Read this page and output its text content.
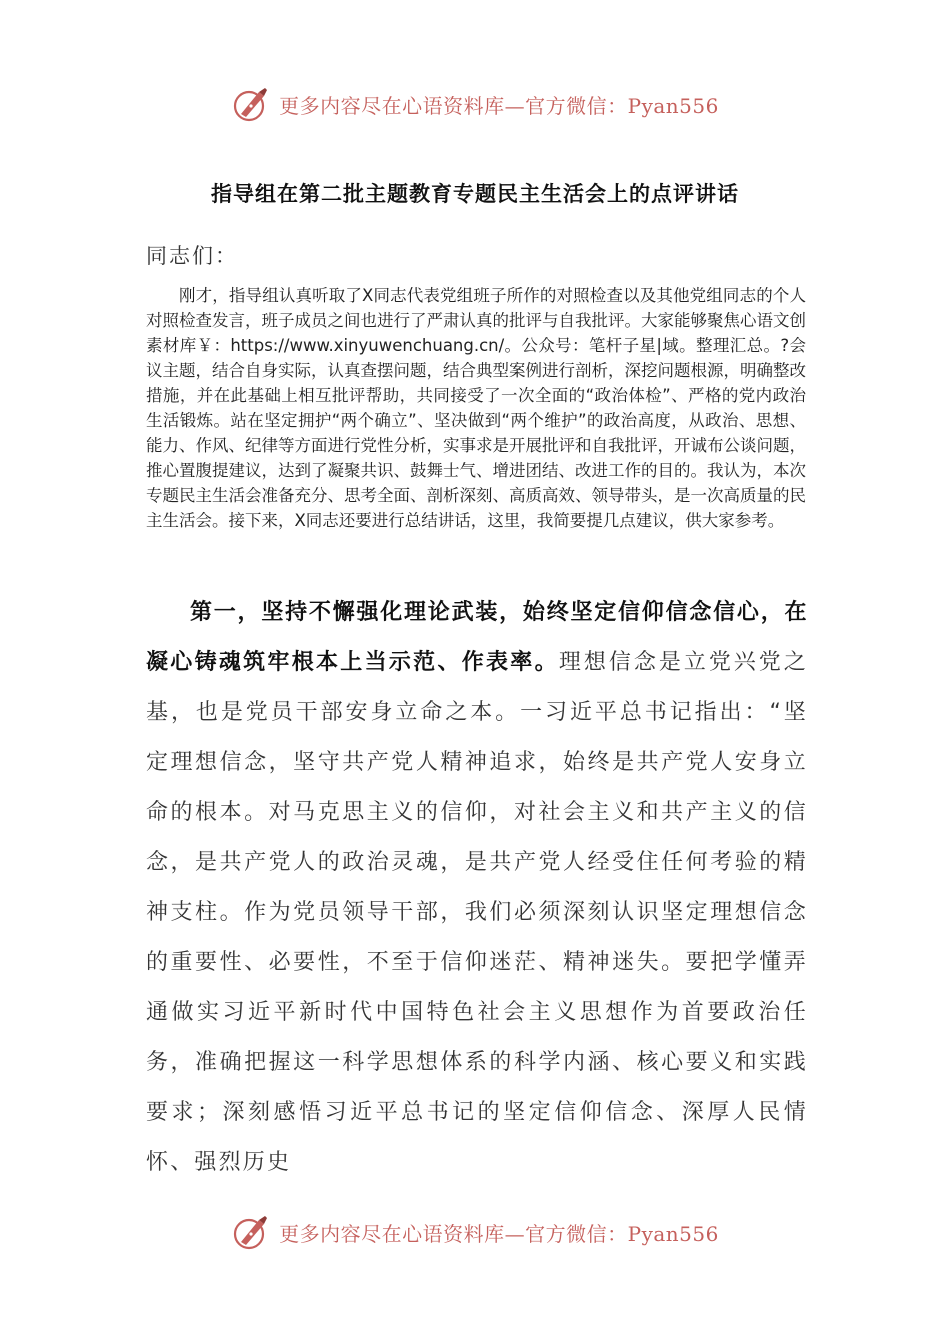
更多内容尽在心语资料库—官方微信：Pyan556
指导组在第二批主题教育专题民主生活会上的点评讲话
同志们：

刚才，指导组认真听取了X同志代表党组班子所作的对照检查以及其他党组同志的个人对照检查发言，班子成员之间也进行了严肃认真的批评与自我批评。大家能够聚焦心语文创素材库￥：https://www.xinyuwenchuang.cn/。公众号：笔杆子星|域。整理汇总。?会议主题，结合自身实际，认真查摆问题，结合典型案例进行剖析，深挖问题根源，明确整改措施，并在此基础上相互批评帮助，共同接受了一次全面的“政治体检”、严格的党内政治生活锻炼。站在坚定拥护“两个确立”、坚决做到“两个维护”的政治高度，从政治、思想、能力、作风、纪律等方面进行党性分析，实事求是开展批评和自我批评，开诚布公谈问题，推心置腹提建议，达到了凝聚共识、鼓舞士气、增进团结、改进工作的目的。我认为，本次专题民主生活会准备充分、思考全面、剖析深刻、高质高效、领导带头，是一次高质量的民主生活会。接下来，X同志还要进行总结讲话，这里，我简要提几点建议，供大家参考。

第一，坚持不懈强化理论武装，始终坚定信仰信念信心，在凝心铸魂筑牢根本上当示范、作表率。理想信念是立党兴党之基，也是党员干部安身立命之本。一习近平总书记指出：“坚定理想信念，坚守共产党人精神追求，始终是共产党人安身立命的根本。对马克思主义的信仰，对社会主义和共产主义的信念，是共产党人的政治灵魂，是共产党人经受住任何考验的精神支柱。作为党员领导干部，我们必须深刻认识坚定理想信念的重要性、必要性，不至于信仰迷茫、精神迷失。要把学懂弄通做实习近平新时代中国特色社会主义思想作为首要政治任务，准确把握这一科学思想体系的科学内涵、核心要义和实践要求；深刻感悟习近平总书记的坚定信仰信念、深厚人民情怀、强烈历史

更多内容尽在心语资料库—官方微信：Pyan556
